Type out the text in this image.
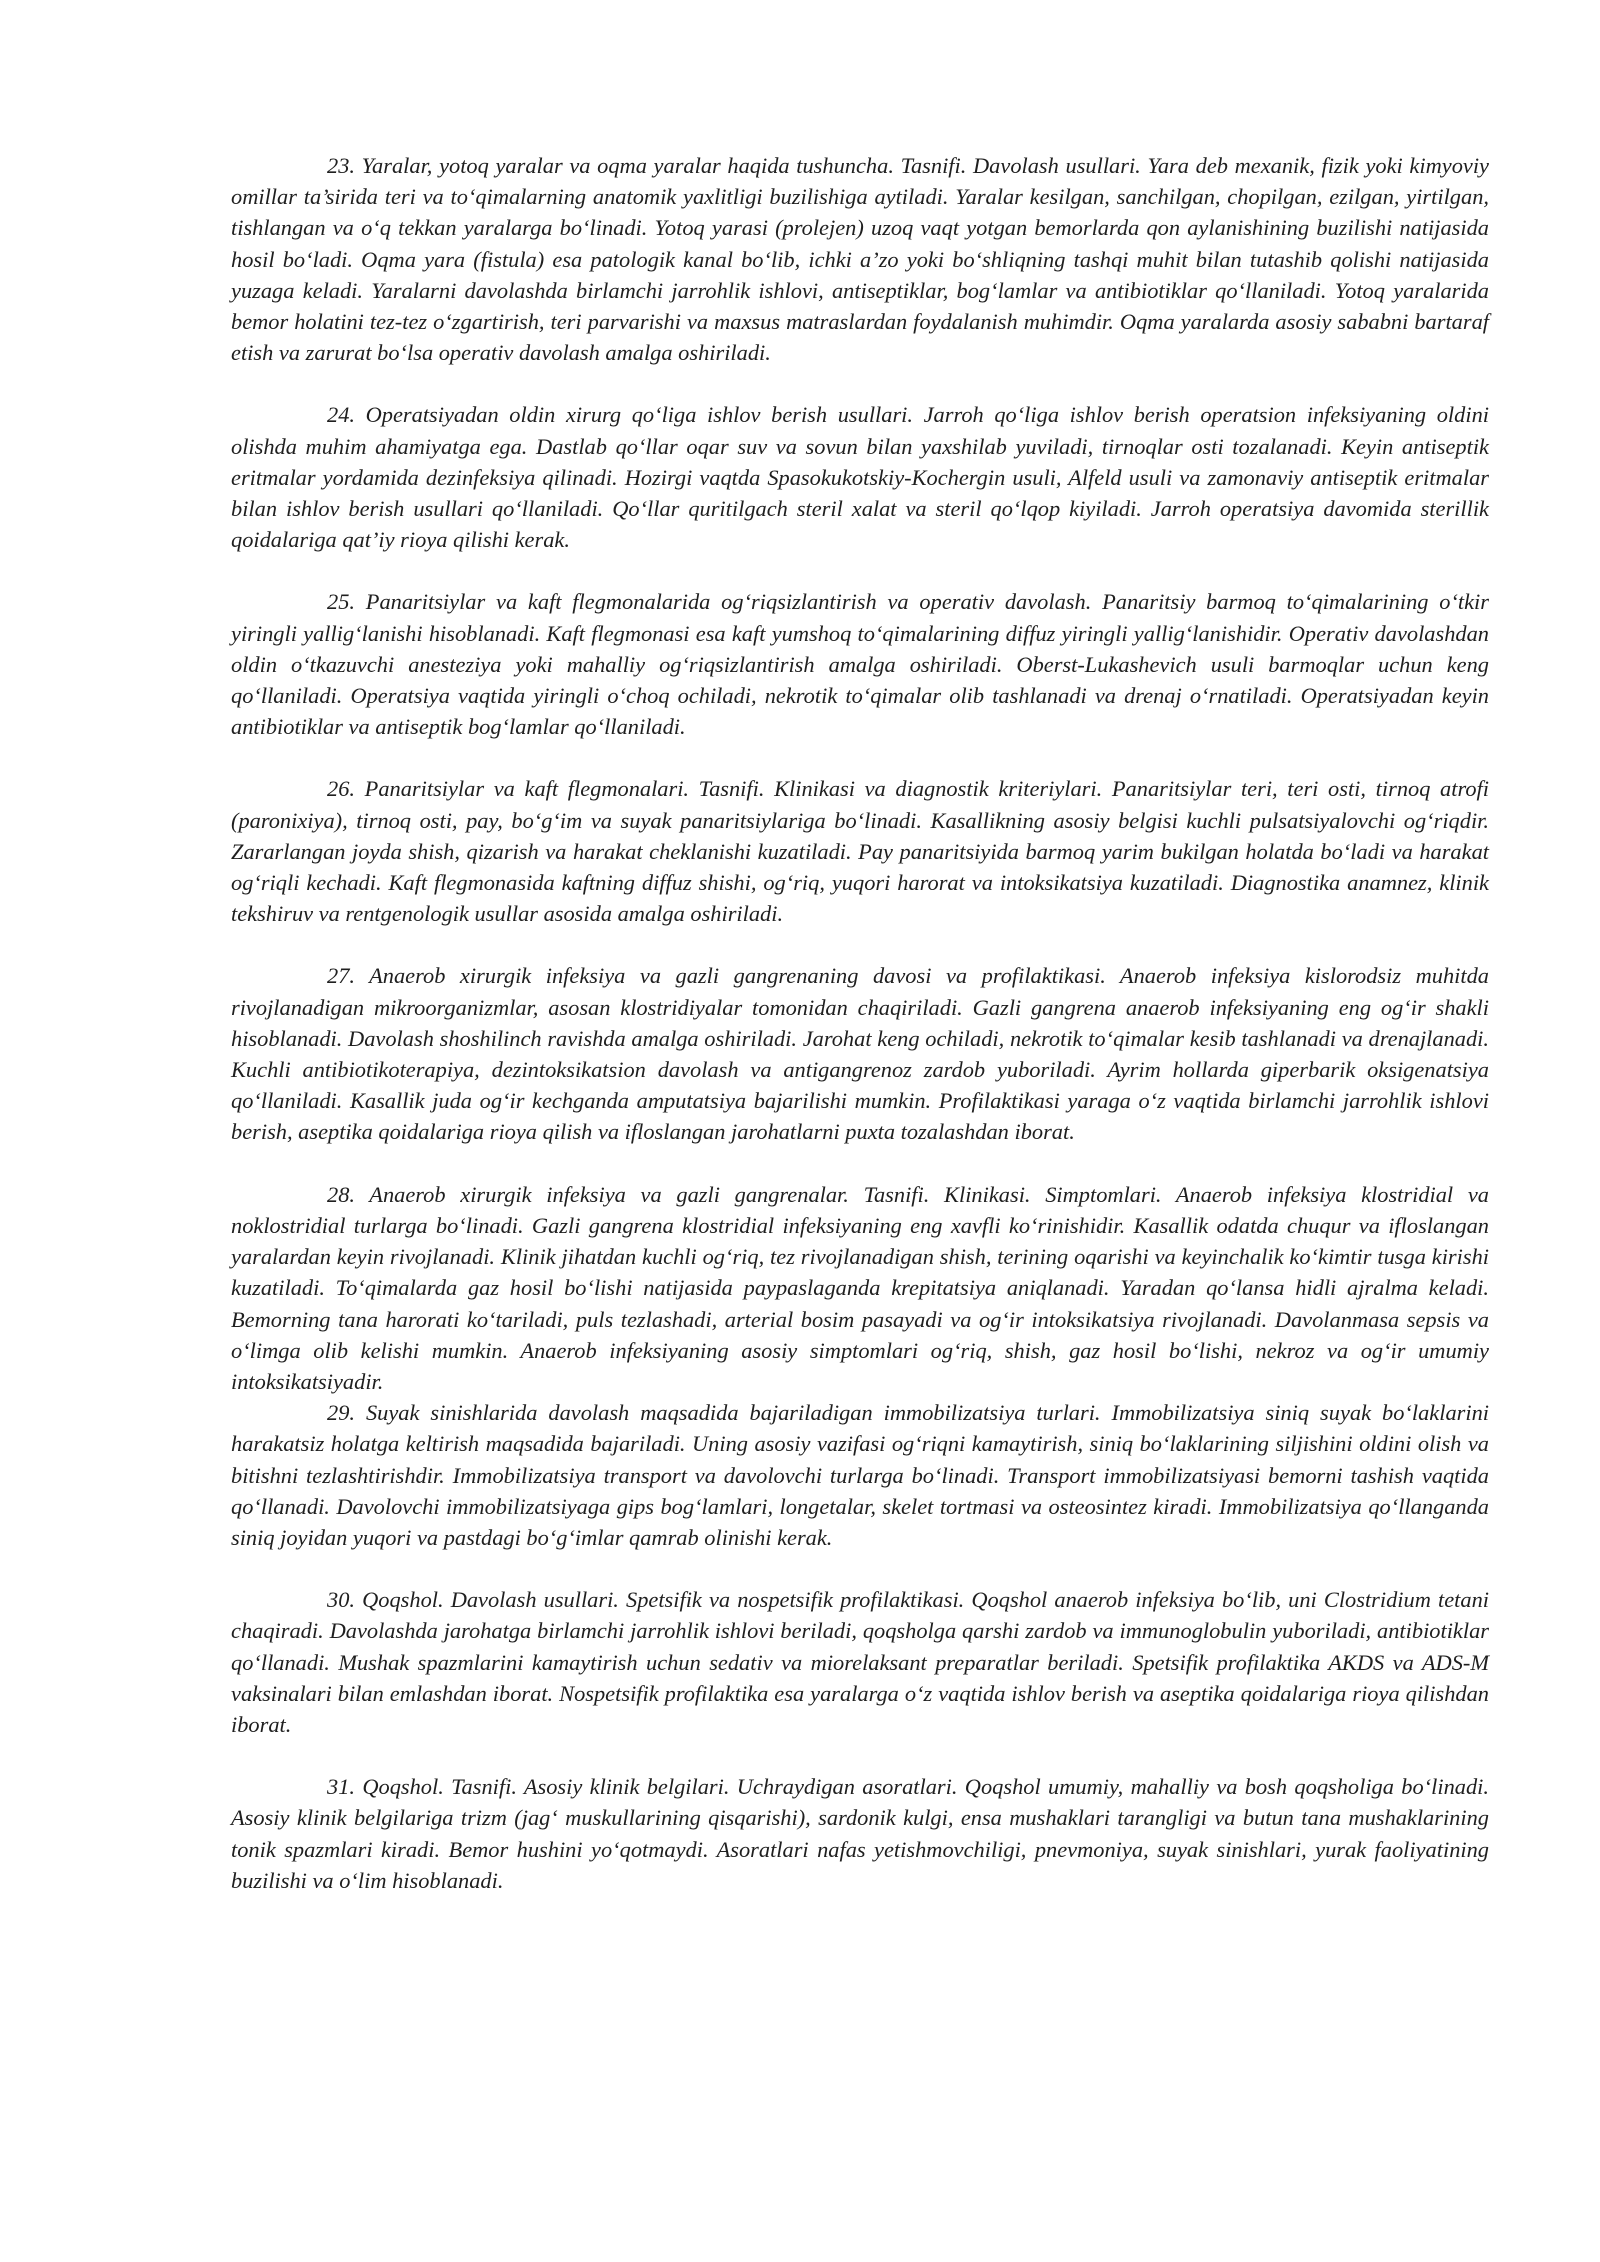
23. Yaralar, yotoq yaralar va oqma yaralar haqida tushuncha. Tasnifi. Davolash usullari. Yara deb mexanik, fizik yoki kimyoviy omillar ta’sirida teri va to‘qimalarning anatomik yaxlitligi buzilishiga aytiladi. Yaralar kesilgan, sanchilgan, chopilgan, ezilgan, yirtilgan, tishlangan va o‘q tekkan yaralarga bo‘linadi. Yotoq yarasi (prolejen) uzoq vaqt yotgan bemorlarda qon aylanishining buzilishi natijasida hosil bo‘ladi. Oqma yara (fistula) esa patologik kanal bo‘lib, ichki a’zo yoki bo‘shliqning tashqi muhit bilan tutashib qolishi natijasida yuzaga keladi. Yaralarni davolashda birlamchi jarrohlik ishlovi, antiseptiklar, bog‘lamlar va antibiotiklar qo‘llaniladi. Yotoq yaralarida bemor holatini tez-tez o‘zgartirish, teri parvarishi va maxsus matraslardan foydalanish muhimdir. Oqma yaralarda asosiy sababni bartaraf etish va zarurat bo‘lsa operativ davolash amalga oshiriladi.

24. Operatsiyadan oldin xirurg qo‘liga ishlov berish usullari. Jarroh qo‘liga ishlov berish operatsion infeksiyaning oldini olishda muhim ahamiyatga ega. Dastlab qo‘llar oqar suv va sovun bilan yaxshilab yuviladi, tirnoqlar osti tozalanadi. Keyin antiseptik eritmalar yordamida dezinfeksiya qilinadi. Hozirgi vaqtda Spasokukotskiy-Kochergin usuli, Alfeld usuli va zamonaviy antiseptik eritmalar bilan ishlov berish usullari qo‘llaniladi. Qo‘llar quritilgach steril xalat va steril qo‘lqop kiyiladi. Jarroh operatsiya davomida sterillik qoidalariga qat’iy rioya qilishi kerak.

25. Panaritsiylar va kaft flegmonalarida og‘riqsizlantirish va operativ davolash. Panaritsiy barmoq to‘qimalarining o‘tkir yiringli yallig‘lanishi hisoblanadi. Kaft flegmonasi esa kaft yumshoq to‘qimalarining diffuz yiringli yallig‘lanishidir. Operativ davolashdan oldin o‘tkazuvchi anesteziya yoki mahalliy og‘riqsizlantirish amalga oshiriladi. Oberst-Lukashevich usuli barmoqlar uchun keng qo‘llaniladi. Operatsiya vaqtida yiringli o‘choq ochiladi, nekrotik to‘qimalar olib tashlanadi va drenaj o‘rnatiladi. Operatsiyadan keyin antibiotiklar va antiseptik bog‘lamlar qo‘llaniladi.

26. Panaritsiylar va kaft flegmonalari. Tasnifi. Klinikasi va diagnostik kriteriylari. Panaritsiylar teri, teri osti, tirnoq atrofi (paronixiya), tirnoq osti, pay, bo‘g‘im va suyak panaritsiylariga bo‘linadi. Kasallikning asosiy belgisi kuchli pulsatsiyalovchi og‘riqdir. Zararlangan joyda shish, qizarish va harakat cheklanishi kuzatiladi. Pay panaritsiyida barmoq yarim bukilgan holatda bo‘ladi va harakat og‘riqli kechadi. Kaft flegmonasida kaftning diffuz shishi, og‘riq, yuqori harorat va intoksikatsiya kuzatiladi. Diagnostika anamnez, klinik tekshiruv va rentgenologik usullar asosida amalga oshiriladi.

27. Anaerob xirurgik infeksiya va gazli gangrenaning davosi va profilaktikasi. Anaerob infeksiya kislorodsiz muhitda rivojlanadigan mikroorganizmlar, asosan klostridiyalar tomonidan chaqiriladi. Gazli gangrena anaerob infeksiyaning eng og‘ir shakli hisoblanadi. Davolash shoshilinch ravishda amalga oshiriladi. Jarohat keng ochiladi, nekrotik to‘qimalar kesib tashlanadi va drenajlanadi. Kuchli antibiotikoterapiya, dezintoksikatsion davolash va antigangrenoz zardob yuboriladi. Ayrim hollarda giperbarik oksigenatsiya qo‘llaniladi. Kasallik juda og‘ir kechganda amputatsiya bajarilishi mumkin. Profilaktikasi yaraga o‘z vaqtida birlamchi jarrohlik ishlovi berish, aseptika qoidalariga rioya qilish va ifloslangan jarohatlarni puxta tozalashdan iborat.

28. Anaerob xirurgik infeksiya va gazli gangrenalar. Tasnifi. Klinikasi. Simptomlari. Anaerob infeksiya klostridial va noklostridial turlarga bo‘linadi. Gazli gangrena klostridial infeksiyaning eng xavfli ko‘rinishidir. Kasallik odatda chuqur va ifloslangan yaralardan keyin rivojlanadi. Klinik jihatdan kuchli og‘riq, tez rivojlanadigan shish, terining oqarishi va keyinchalik ko‘kimtir tusga kirishi kuzatiladi. To‘qimalarda gaz hosil bo‘lishi natijasida paypaslaganda krepitatsiya aniqlanadi. Yaradan qo‘lansa hidli ajralma keladi. Bemorning tana harorati ko‘tariladi, puls tezlashadi, arterial bosim pasayadi va og‘ir intoksikatsiya rivojlanadi. Davolanmasa sepsis va o‘limga olib kelishi mumkin. Anaerob infeksiyaning asosiy simptomlari og‘riq, shish, gaz hosil bo‘lishi, nekroz va og‘ir umumiy intoksikatsiyadir.

29. Suyak sinishlarida davolash maqsadida bajariladigan immobilizatsiya turlari. Immobilizatsiya siniq suyak bo‘laklarini harakatsiz holatga keltirish maqsadida bajariladi. Uning asosiy vazifasi og‘riqni kamaytirish, siniq bo‘laklarining siljishini oldini olish va bitishni tezlashtirishdir. Immobilizatsiya transport va davolovchi turlarga bo‘linadi. Transport immobilizatsiyasi bemorni tashish vaqtida qo‘llanadi. Davolovchi immobilizatsiyaga gips bog‘lamlari, longetalar, skelet tortmasi va osteosintez kiradi. Immobilizatsiya qo‘llanganda siniq joyidan yuqori va pastdagi bo‘g‘imlar qamrab olinishi kerak.

30. Qoqshol. Davolash usullari. Spetsifik va nospetsifik profilaktikasi. Qoqshol anaerob infeksiya bo‘lib, uni Clostridium tetani chaqiradi. Davolashda jarohatga birlamchi jarrohlik ishlovi beriladi, qoqsholga qarshi zardob va immunoglobulin yuboriladi, antibiotiklar qo‘llanadi. Mushak spazmlarini kamaytirish uchun sedativ va miorelaksant preparatlar beriladi. Spetsifik profilaktika AKDS va ADS-M vaksinalari bilan emlashdan iborat. Nospetsifik profilaktika esa yaralarga o‘z vaqtida ishlov berish va aseptika qoidalariga rioya qilishdan iborat.

31. Qoqshol. Tasnifi. Asosiy klinik belgilari. Uchraydigan asoratlari. Qoqshol umumiy, mahalliy va bosh qoqsholiga bo‘linadi. Asosiy klinik belgilariga trizm (jag‘ muskullarining qisqarishi), sardonik kulgi, ensa mushaklari tarangligi va butun tana mushaklarining tonik spazmlari kiradi. Bemor hushini yo‘qotmaydi. Asoratlari nafas yetishmovchiligi, pnevmoniya, suyak sinishlari, yurak faoliyatining buzilishi va o‘lim hisoblanadi.
